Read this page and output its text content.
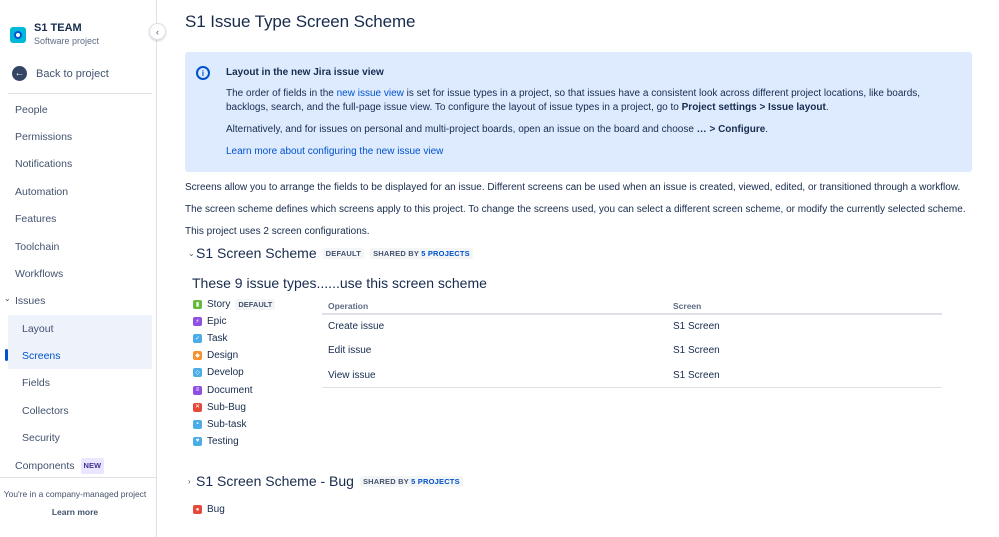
S1 TEAM
Software project
← Back to project
People
Permissions
Notifications
Automation
Features
Toolchain
Workflows
⌄ Issues
Layout
Screens
Fields
Collectors
Security
Components NEW
You're in a company-managed project
Learn more
‹
S1 Issue Type Screen Scheme
i	Layout in the new Jira issue view
The order of fields in the new issue view is set for issue types in a project, so that issues have a consistent look across different project locations, like boards, backlogs, search, and the full-page issue view. To configure the layout of issue types in a project, go to Project settings > Issue layout.
Alternatively, and for issues on personal and multi-project boards, open an issue on the board and choose … > Configure.
Learn more about configuring the new issue view

Screens allow you to arrange the fields to be displayed for an issue. Different screens can be used when an issue is created, viewed, edited, or transitioned through a workflow.

The screen scheme defines which screens apply to this project. To change the screens used, you can select a different screen scheme, or modify the currently selected scheme.

This project uses 2 screen configurations.

⌄ S1 Screen Scheme	DEFAULT	SHARED BY 5 PROJECTS
These 9 issue types......use this screen scheme
▮ Story	DEFAULT
⚡ Epic
✓ Task
◆ Design
◇ Develop
≡ Document
✕ Sub-Bug
▪ Sub-task
♥ Testing
Operation	Screen
Create issue	S1 Screen
Edit issue	S1 Screen
View issue	S1 Screen
› S1 Screen Scheme - Bug	SHARED BY 5 PROJECTS
● Bug
